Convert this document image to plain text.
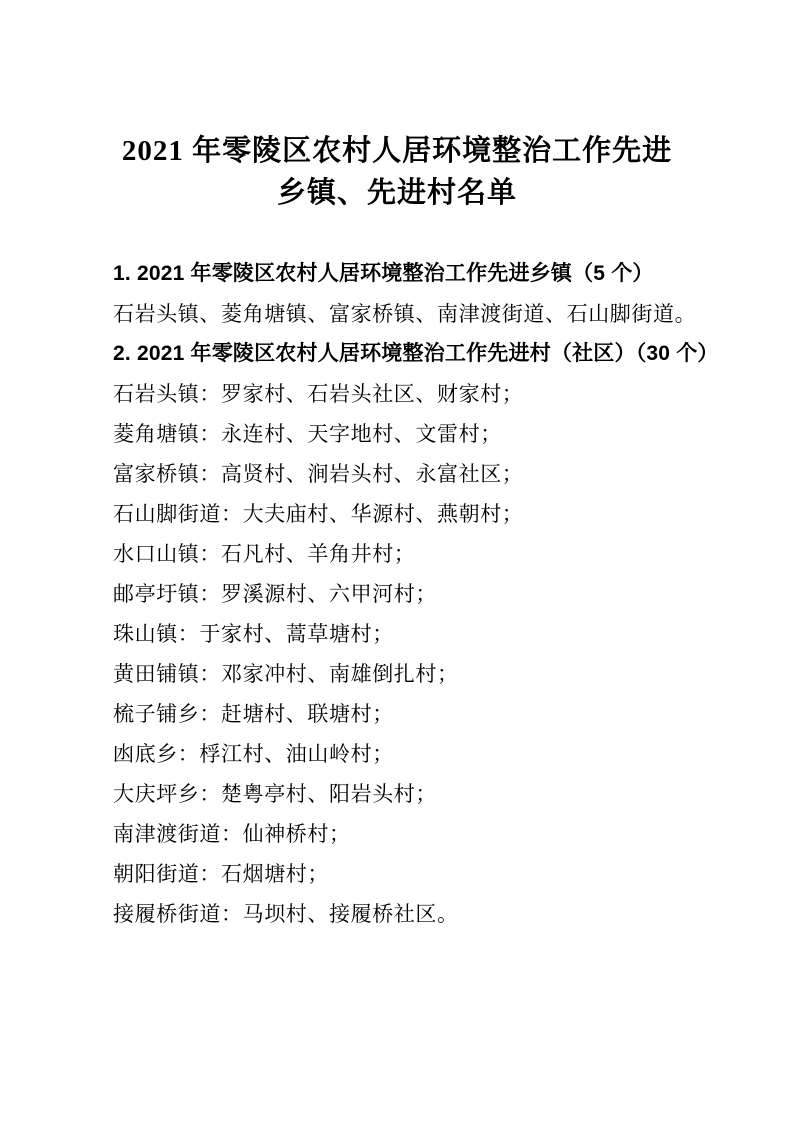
2021 年零陵区农村人居环境整治工作先进
乡镇、先进村名单

1. 2021 年零陵区农村人居环境整治工作先进乡镇（5 个）

石岩头镇、菱角塘镇、富家桥镇、南津渡街道、石山脚街道。

2. 2021 年零陵区农村人居环境整治工作先进村（社区）（30 个）

石岩头镇：罗家村、石岩头社区、财家村；

菱角塘镇：永连村、天字地村、文雷村；

富家桥镇：高贤村、涧岩头村、永富社区；

石山脚街道：大夫庙村、华源村、燕朝村；

水口山镇：石凡村、羊角井村；

邮亭圩镇：罗溪源村、六甲河村；

珠山镇：于家村、蒿草塘村；

黄田铺镇：邓家冲村、南雄倒扎村；

梳子铺乡：赶塘村、联塘村；

凼底乡：桴江村、油山岭村；

大庆坪乡：楚粤亭村、阳岩头村；

南津渡街道：仙神桥村；

朝阳街道：石烟塘村；

接履桥街道：马坝村、接履桥社区。
